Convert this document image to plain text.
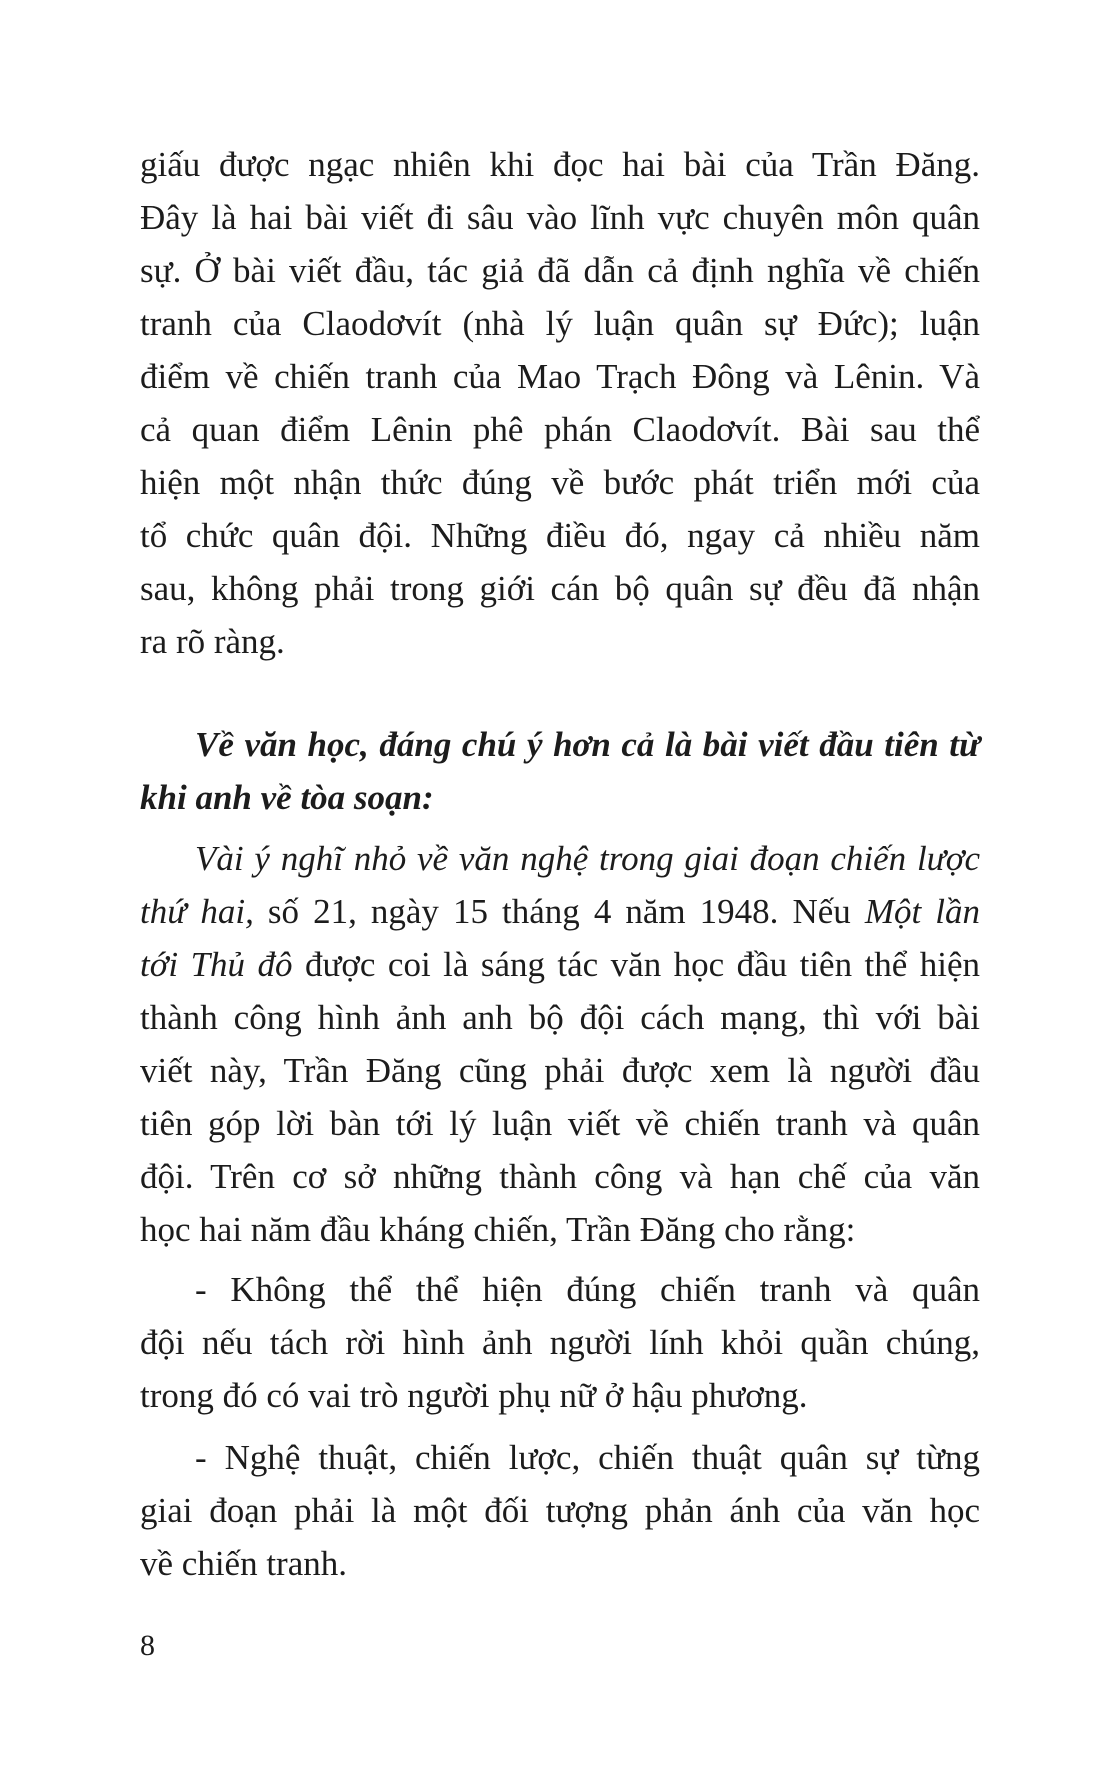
giấu được ngạc nhiên khi đọc hai bài của Trần Đăng.
Đây là hai bài viết đi sâu vào lĩnh vực chuyên môn quân
sự. Ở bài viết đầu, tác giả đã dẫn cả định nghĩa về chiến
tranh của Claodơvít (nhà lý luận quân sự Đức); luận
điểm về chiến tranh của Mao Trạch Đông và Lênin. Và
cả quan điểm Lênin phê phán Claodơvít. Bài sau thể
hiện một nhận thức đúng về bước phát triển mới của
tổ chức quân đội. Những điều đó, ngay cả nhiều năm
sau, không phải trong giới cán bộ quân sự đều đã nhận
ra rõ ràng.
Về văn học, đáng chú ý hơn cả là bài viết đầu tiên từ
khi anh về tòa soạn:
Vài ý nghĩ nhỏ về văn nghệ trong giai đoạn chiến lược
thứ hai, số 21, ngày 15 tháng 4 năm 1948. Nếu Một lần
tới Thủ đô được coi là sáng tác văn học đầu tiên thể hiện
thành công hình ảnh anh bộ đội cách mạng, thì với bài
viết này, Trần Đăng cũng phải được xem là người đầu
tiên góp lời bàn tới lý luận viết về chiến tranh và quân
đội. Trên cơ sở những thành công và hạn chế của văn
học hai năm đầu kháng chiến, Trần Đăng cho rằng:
- Không thể thể hiện đúng chiến tranh và quân
đội nếu tách rời hình ảnh người lính khỏi quần chúng,
trong đó có vai trò người phụ nữ ở hậu phương.
- Nghệ thuật, chiến lược, chiến thuật quân sự từng
giai đoạn phải là một đối tượng phản ánh của văn học
về chiến tranh.
8
